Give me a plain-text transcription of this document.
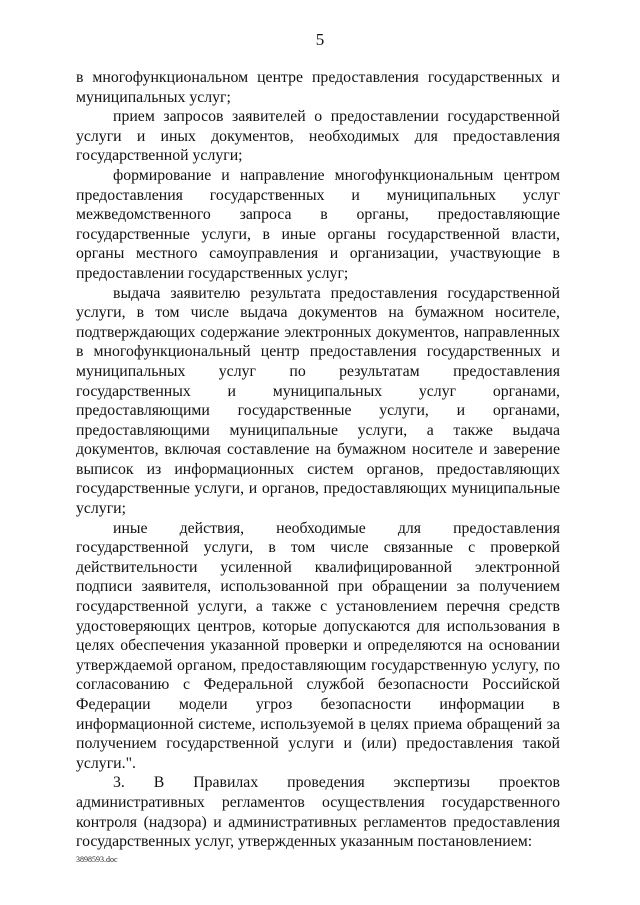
5

в многофункциональном центре предоставления государственных и муниципальных услуг;

прием запросов заявителей о предоставлении государственной услуги и иных документов, необходимых для предоставления государственной услуги;

формирование и направление многофункциональным центром предоставления государственных и муниципальных услуг межведомственного запроса в органы, предоставляющие государственные услуги, в иные органы государственной власти, органы местного самоуправления и организации, участвующие в предоставлении государственных услуг;

выдача заявителю результата предоставления государственной услуги, в том числе выдача документов на бумажном носителе, подтверждающих содержание электронных документов, направленных в многофункциональный центр предоставления государственных и муниципальных услуг по результатам предоставления государственных и муниципальных услуг органами, предоставляющими государственные услуги, и органами, предоставляющими муниципальные услуги, а также выдача документов, включая составление на бумажном носителе и заверение выписок из информационных систем органов, предоставляющих государственные услуги, и органов, предоставляющих муниципальные услуги;

иные действия, необходимые для предоставления государственной услуги, в том числе связанные с проверкой действительности усиленной квалифицированной электронной подписи заявителя, использованной при обращении за получением государственной услуги, а также с установлением перечня средств удостоверяющих центров, которые допускаются для использования в целях обеспечения указанной проверки и определяются на основании утверждаемой органом, предоставляющим государственную услугу, по согласованию с Федеральной службой безопасности Российской Федерации модели угроз безопасности информации в информационной системе, используемой в целях приема обращений за получением государственной услуги и (или) предоставления такой услуги.".

3. В Правилах проведения экспертизы проектов административных регламентов осуществления государственного контроля (надзора) и административных регламентов предоставления государственных услуг, утвержденных указанным постановлением:

3898593.doc
